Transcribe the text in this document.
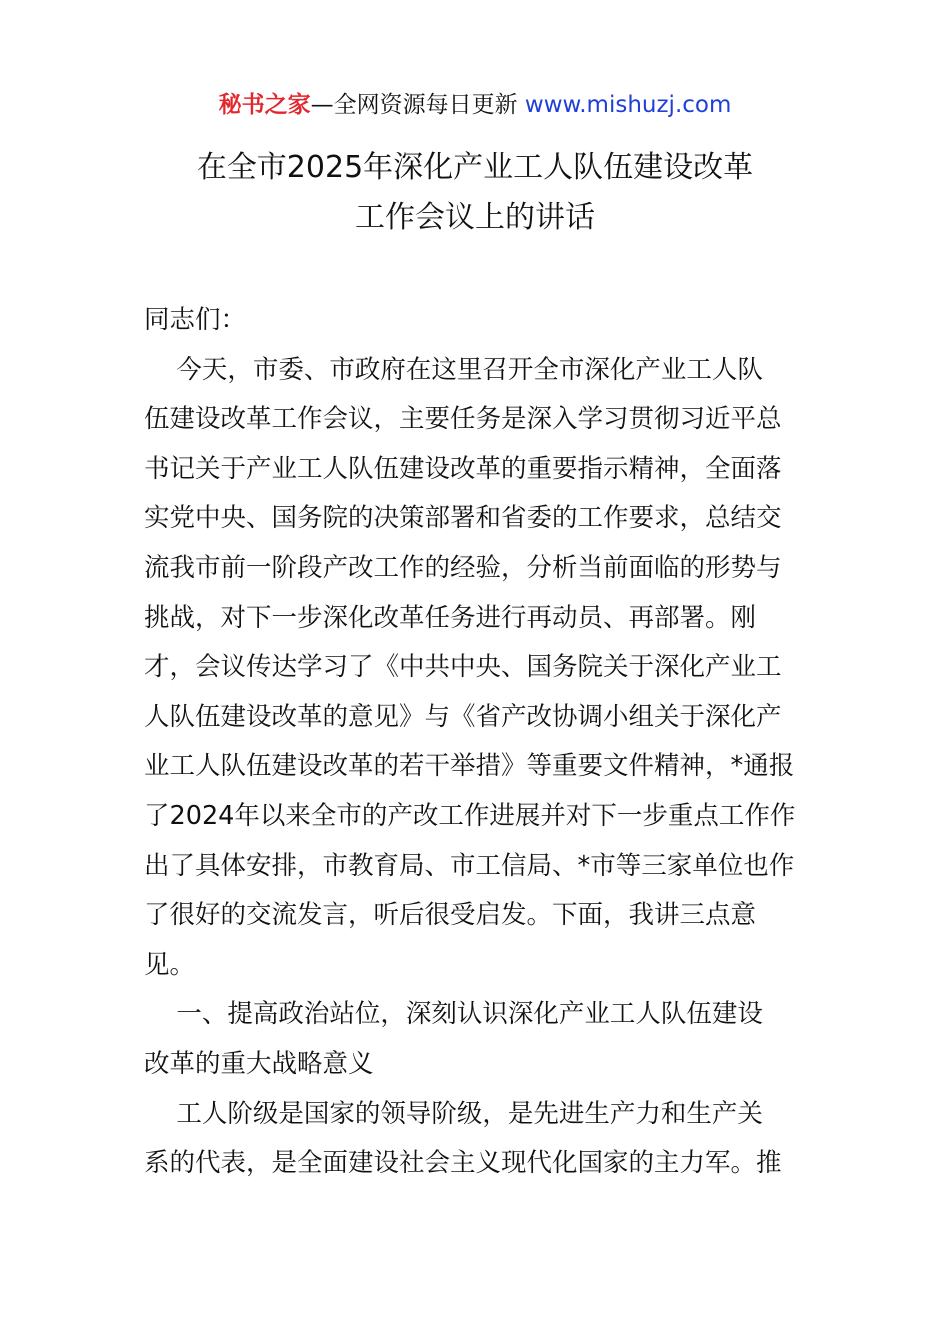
秘书之家—全网资源每日更新 www.mishuzj.com
在全市2025年深化产业工人队伍建设改革
工作会议上的讲话
同志们：
今天，市委、市政府在这里召开全市深化产业工人队
伍建设改革工作会议，主要任务是深入学习贯彻习近平总
书记关于产业工人队伍建设改革的重要指示精神，全面落
实党中央、国务院的决策部署和省委的工作要求，总结交
流我市前一阶段产改工作的经验，分析当前面临的形势与
挑战，对下一步深化改革任务进行再动员、再部署。刚
才，会议传达学习了《中共中央、国务院关于深化产业工
人队伍建设改革的意见》与《省产改协调小组关于深化产
业工人队伍建设改革的若干举措》等重要文件精神，*通报
了2024年以来全市的产改工作进展并对下一步重点工作作
出了具体安排，市教育局、市工信局、*市等三家单位也作
了很好的交流发言，听后很受启发。下面，我讲三点意
见。
一、提高政治站位，深刻认识深化产业工人队伍建设
改革的重大战略意义
工人阶级是国家的领导阶级，是先进生产力和生产关
系的代表，是全面建设社会主义现代化国家的主力军。推
